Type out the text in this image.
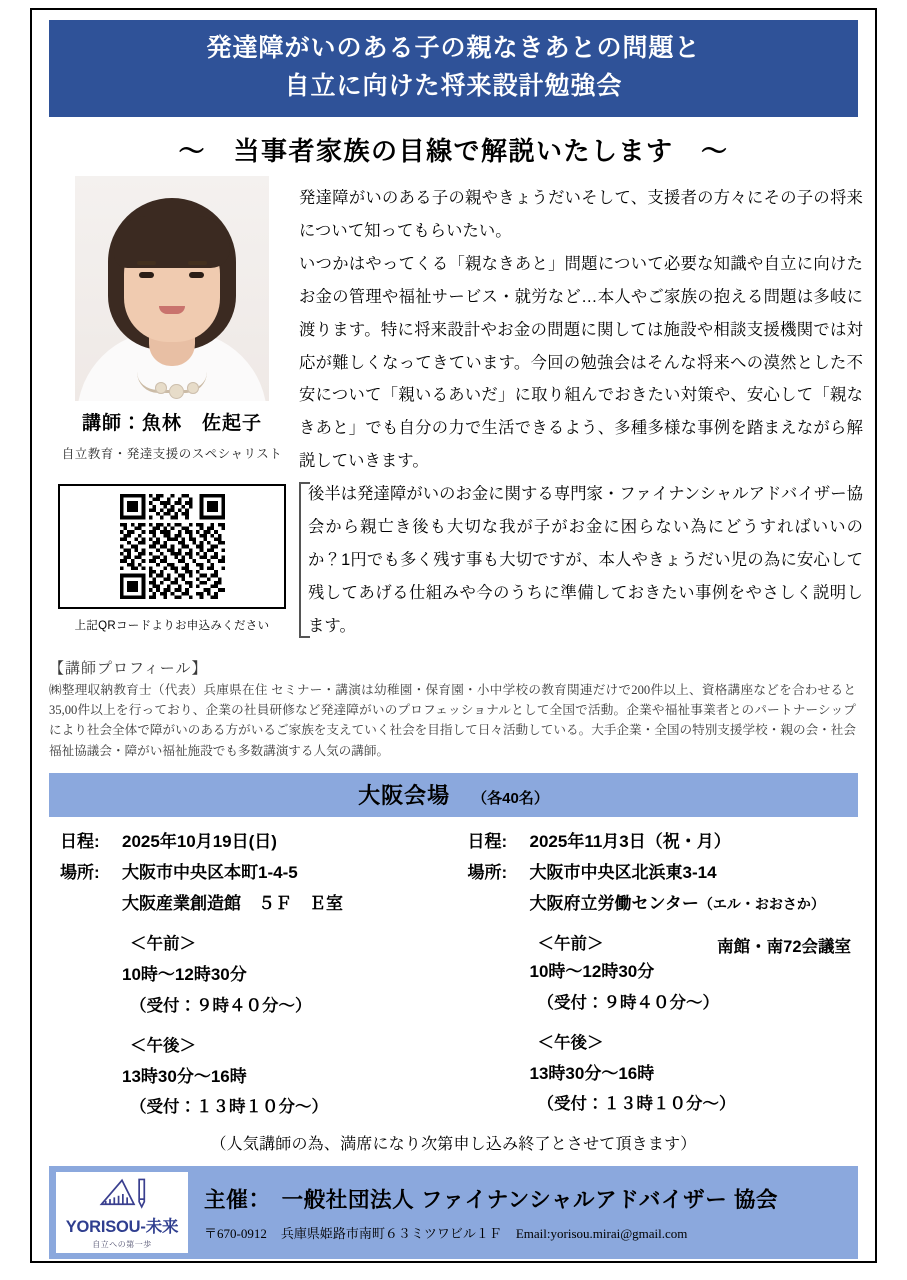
発達障がいのある子の親なきあとの問題と
自立に向けた将来設計勉強会
～　当事者家族の目線で解説いたします　～
講師：魚林　佐起子
自立教育・発達支援のスペシャリスト
上記QRコードよりお申込みください

発達障がいのある子の親やきょうだいそして、支援者の方々にその子の将来について知ってもらいたい。

いつかはやってくる「親なきあと」問題について必要な知識や自立に向けたお金の管理や福祉サービス・就労など…本人やご家族の抱える問題は多岐に渡ります。特に将来設計やお金の問題に関しては施設や相談支援機関では対応が難しくなってきています。今回の勉強会はそんな将来への漠然とした不安について「親いるあいだ」に取り組んでおきたい対策や、安心して「親なきあと」でも自分の力で生活できるよう、多種多様な事例を踏まえながら解説していきます。

後半は発達障がいのお金に関する専門家・ファイナンシャルアドバイザー協会から親亡き後も大切な我が子がお金に困らない為にどうすればいいのか？1円でも多く残す事も大切ですが、本人やきょうだい児の為に安心して残してあげる仕組みや今のうちに準備しておきたい事例をやさしく説明します。

【講師プロフィール】
㈱整理収納教育士（代表）兵庫県在住 セミナー・講演は幼稚園・保育園・小中学校の教育関連だけで200件以上、資格講座などを合わせると35,00件以上を行っており、企業の社員研修など発達障がいのプロフェッショナルとして全国で活動。企業や福祉事業者とのパートナーシップにより社会全体で障がいのある方がいるご家族を支えていく社会を目指して日々活動している。大手企業・全国の特別支援学校・親の会・社会福祉協議会・障がい福祉施設でも多数講演する人気の講師。
大阪会場 （各40名）
日程:	2025年10月19日(日)
場所:	大阪市中央区本町1-4-5
大阪産業創造館　５Ｆ　Ｅ室
＜午前＞
10時～12時30分
（受付：９時４０分～）
＜午後＞
13時30分～16時
（受付：１３時１０分～）
日程:	2025年11月3日（祝・月）
場所:	大阪市中央区北浜東3-14
大阪府立労働センター（エル・おおさか）
＜午前＞	南館・南72会議室
10時～12時30分
（受付：９時４０分～）
＜午後＞
13時30分～16時
（受付：１３時１０分～）
（人気講師の為、満席になり次第申し込み終了とさせて頂きます）
YORISOU-未来
自立への第一歩
主催：　一般社団法人 ファイナンシャルアドバイザー 協会
〒670-0912 兵庫県姫路市南町６３ミツワビル１Ｆ Email:yorisou.mirai@gmail.com
